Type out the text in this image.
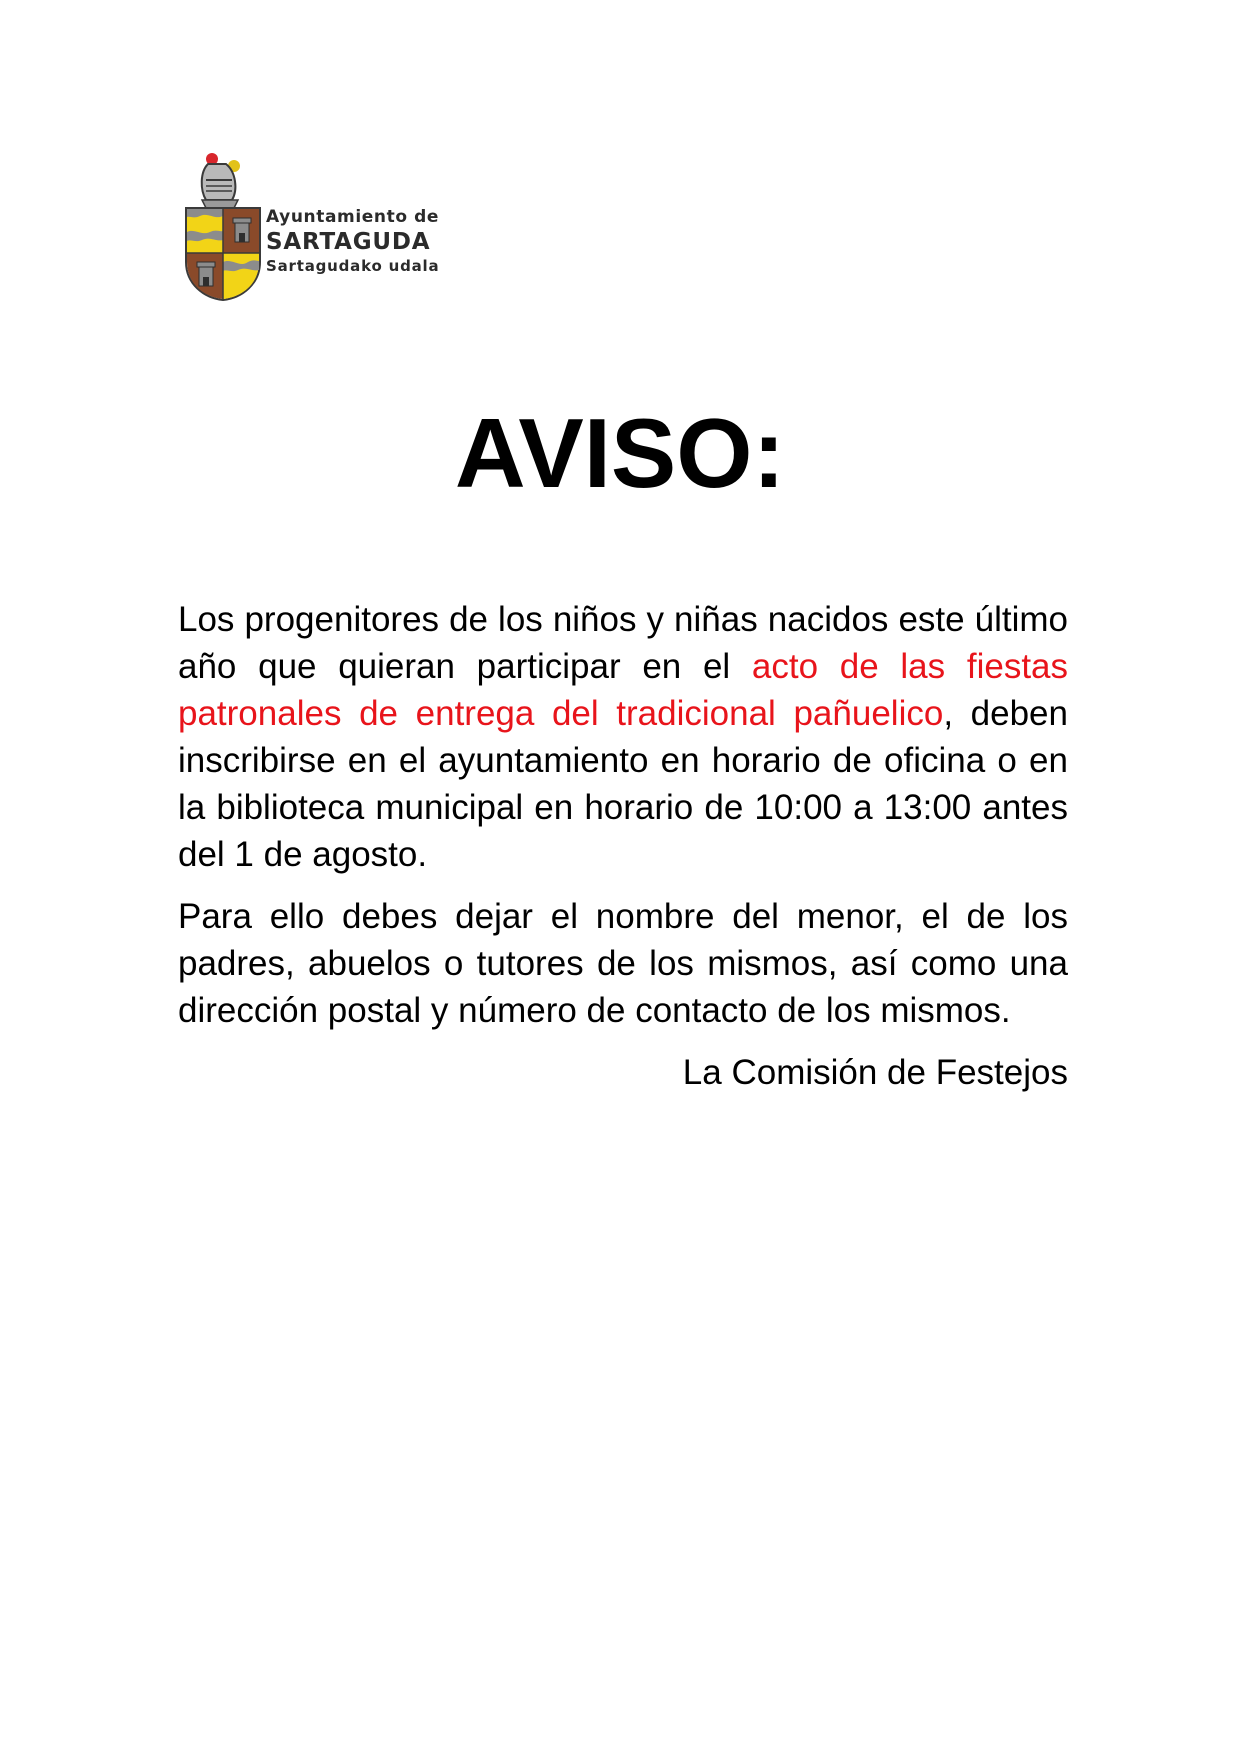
Ayuntamiento de
SARTAGUDA
Sartagudako udala
AVISO:

Los progenitores de los niños y niñas nacidos este último año que quieran participar en el acto de las fiestas patronales de entrega del tradicional pañuelico, deben inscribirse en el ayuntamiento en horario de oficina o en la biblioteca municipal en horario de 10:00 a 13:00 antes del 1 de agosto.

Para ello debes dejar el nombre del menor, el de los padres, abuelos o tutores de los mismos, así como una dirección postal y número de contacto de los mismos.

La Comisión de Festejos
